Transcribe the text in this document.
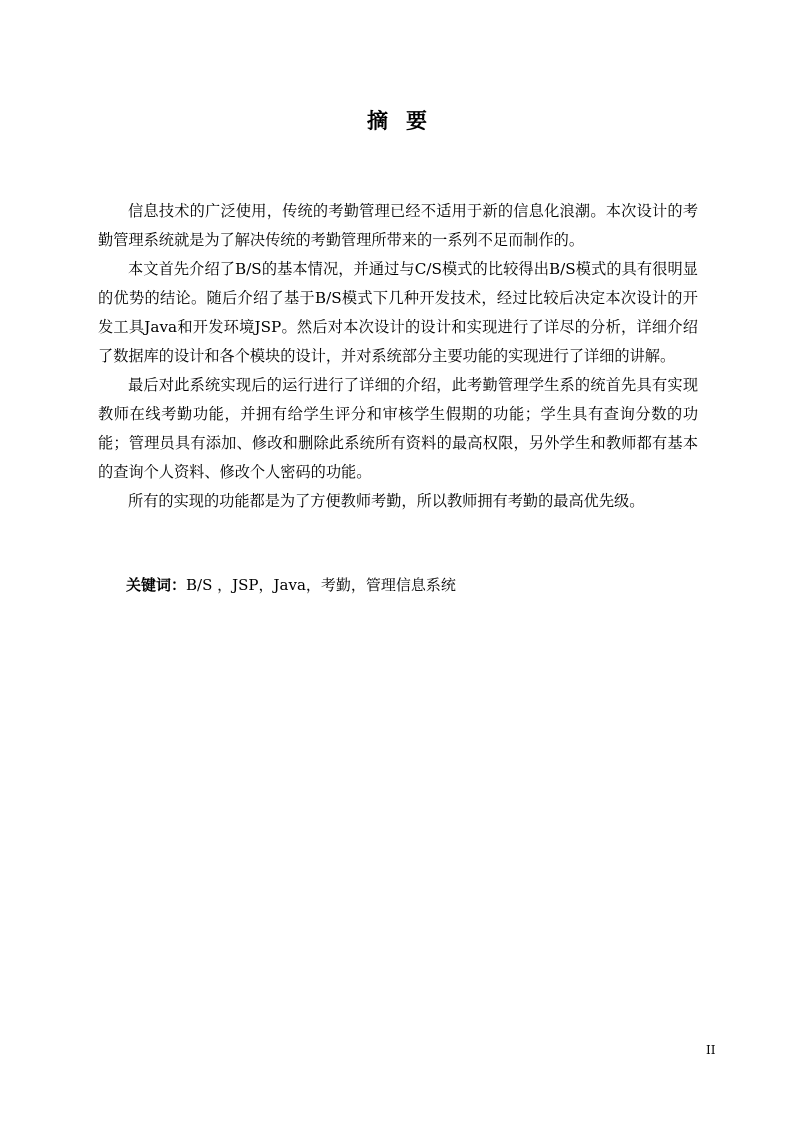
摘 要

信息技术的广泛使用，传统的考勤管理已经不适用于新的信息化浪潮。本次设计的考勤管理系统就是为了解决传统的考勤管理所带来的一系列不足而制作的。

本文首先介绍了B/S的基本情况，并通过与C/S模式的比较得出B/S模式的具有很明显的优势的结论。随后介绍了基于B/S模式下几种开发技术，经过比较后决定本次设计的开发工具Java和开发环境JSP。然后对本次设计的设计和实现进行了详尽的分析，详细介绍了数据库的设计和各个模块的设计，并对系统部分主要功能的实现进行了详细的讲解。

最后对此系统实现后的运行进行了详细的介绍，此考勤管理学生系的统首先具有实现教师在线考勤功能，并拥有给学生评分和审核学生假期的功能；学生具有查询分数的功能；管理员具有添加、修改和删除此系统所有资料的最高权限，另外学生和教师都有基本的查询个人资料、修改个人密码的功能。

所有的实现的功能都是为了方便教师考勤，所以教师拥有考勤的最高优先级。

关键词：B/S ，JSP，Java，考勤，管理信息系统
II
